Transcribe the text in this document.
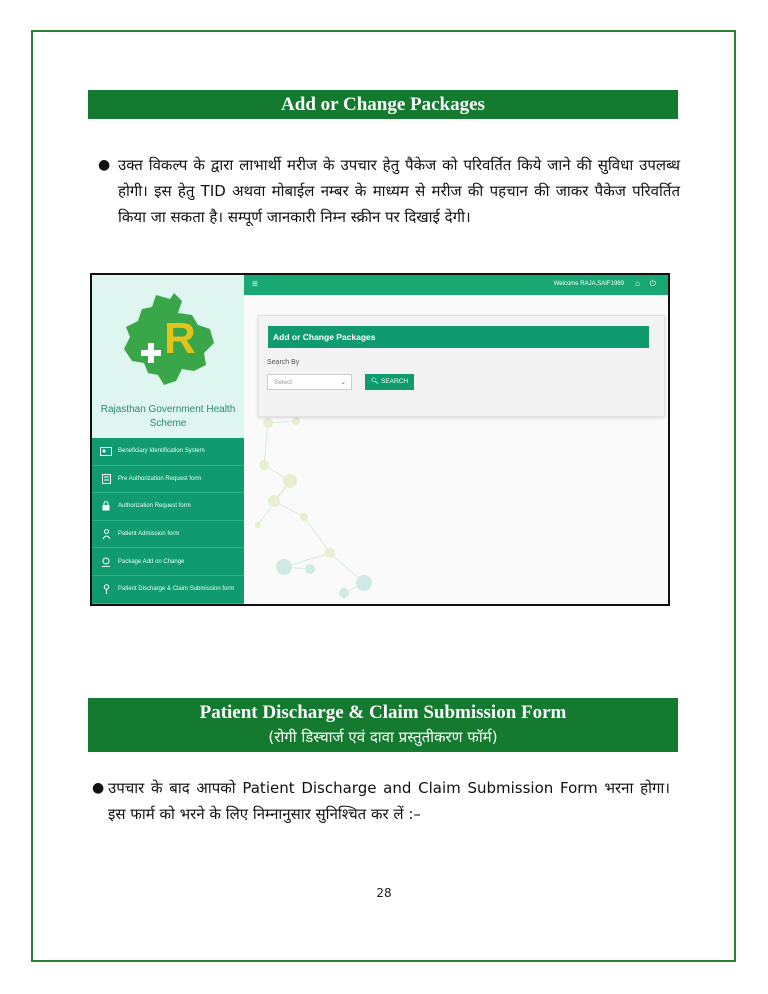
Add or Change Packages
● उक्त विकल्प के द्वारा लाभार्थी मरीज के उपचार हेतु पैकेज को परिवर्तित किये जाने की सुविधा उपलब्ध होगी। इस हेतु TID अथवा मोबाईल नम्बर के माध्यम से मरीज की पहचान की जाकर पैकेज परिवर्तित किया जा सकता है। सम्पूर्ण जानकारी निम्न स्क्रीन पर दिखाई देगी।
R
Rajasthan Government Health Scheme
Beneficiary Identification System
Pre Authorization Request form
Authorization Request form
Patient Admission form
Package Add on Change
Patient Discharge & Claim Submission form
≡	Welcome RAJA,SAIF1989 ⌂ ⏻
Add or Change Packages
Search By
Select	⌄	🔍︎ SEARCH
Patient Discharge & Claim Submission Form
(रोगी डिस्चार्ज एवं दावा प्रस्तुतीकरण फॉर्म)
● उपचार के बाद आपको Patient Discharge and Claim Submission Form भरना होगा। इस फार्म को भरने के लिए निम्नानुसार सुनिश्चित कर लें :–
28
